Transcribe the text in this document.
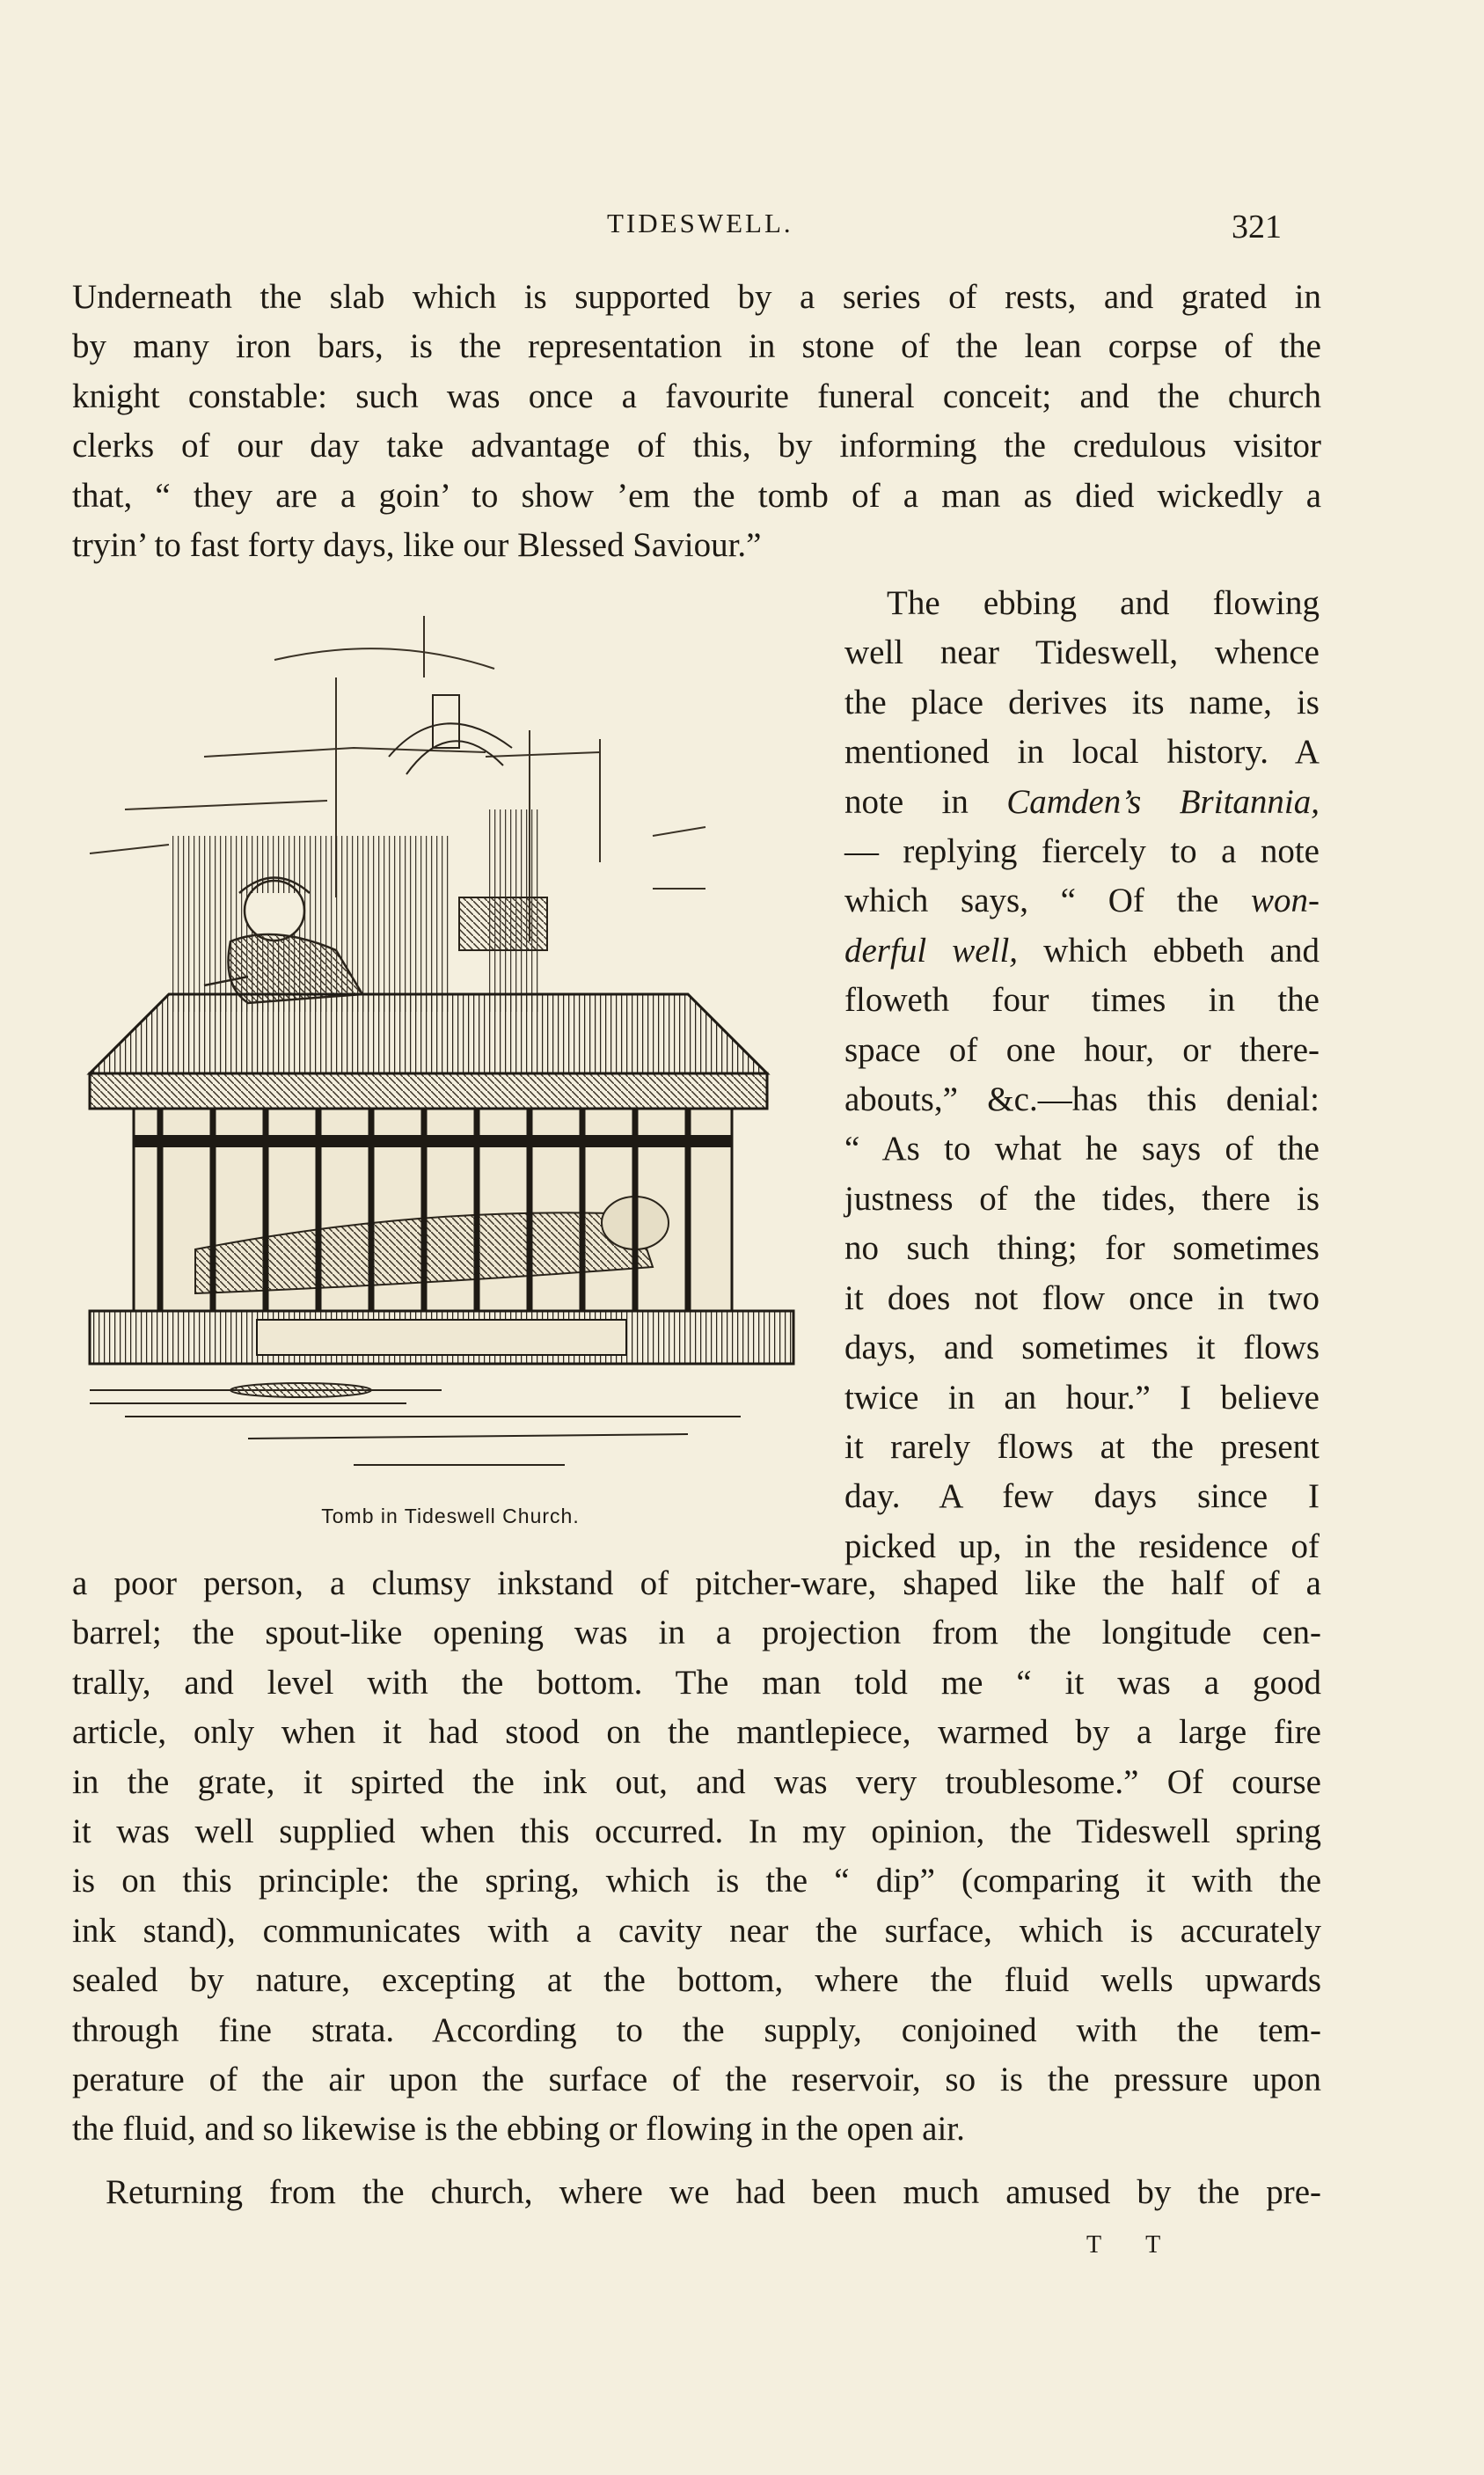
TIDESWELL.	321
Underneath the slab which is supported by a series of rests, and grated in
by many iron bars, is the representation in stone of the lean corpse of the
knight constable: such was once a favourite funeral conceit; and the church
clerks of our day take advantage of this, by informing the credulous visitor
that, “ they are a goin’ to show ’em the tomb of a man as died wickedly a
tryin’ to fast forty days, like our Blessed Saviour.”
Tomb in Tideswell Church.
The ebbing and flowing
well near Tideswell, whence
the place derives its name, is
mentioned in local history. A
note in Camden’s Britannia,
— replying fiercely to a note
which says, “ Of the won-
derful well, which ebbeth and
floweth four times in the
space of one hour, or there-
abouts,” &c.—has this denial:
“ As to what he says of the
justness of the tides, there is
no such thing; for sometimes
it does not flow once in two
days, and sometimes it flows
twice in an hour.” I believe
it rarely flows at the present
day. A few days since I
picked up, in the residence of
a poor person, a clumsy inkstand of pitcher-ware, shaped like the half of a
barrel; the spout-like opening was in a projection from the longitude cen-
trally, and level with the bottom. The man told me “ it was a good
article, only when it had stood on the mantlepiece, warmed by a large fire
in the grate, it spirted the ink out, and was very troublesome.” Of course
it was well supplied when this occurred. In my opinion, the Tideswell spring
is on this principle: the spring, which is the “ dip” (comparing it with the
ink stand), communicates with a cavity near the surface, which is accurately
sealed by nature, excepting at the bottom, where the fluid wells upwards
through fine strata. According to the supply, conjoined with the tem-
perature of the air upon the surface of the reservoir, so is the pressure upon
the fluid, and so likewise is the ebbing or flowing in the open air.
Returning from the church, where we had been much amused by the pre-
T T
